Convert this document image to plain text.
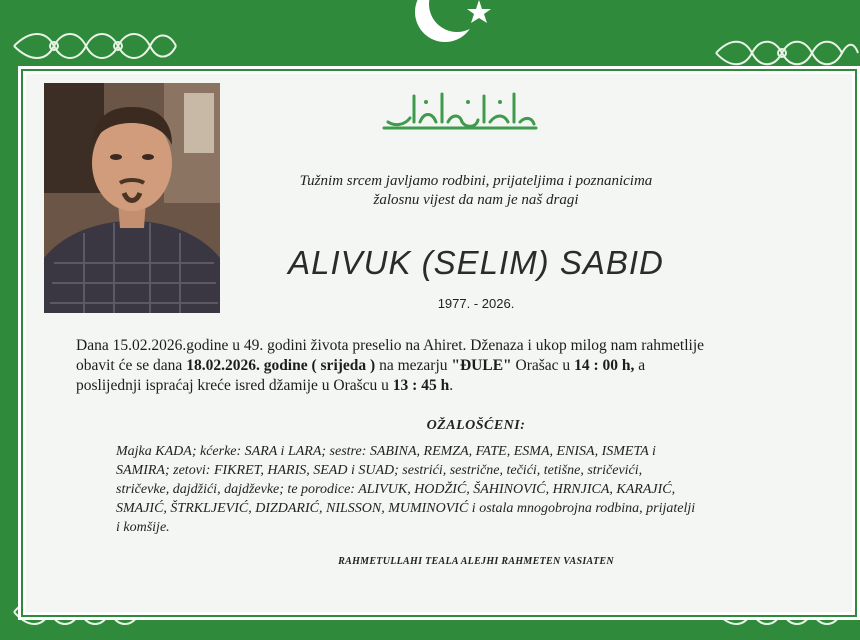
Tužnim srcem javljamo rodbini, prijateljima i poznanicima
žalosnu vijest da nam je naš dragi
ALIVUK (SELIM) SABID
1977. - 2026.
Dana 15.02.2026.godine u 49. godini života preselio na Ahiret. Dženaza i ukop milog nam rahmetlije
obavit će se dana 18.02.2026. godine ( srijeda ) na mezarju "ĐULE" Orašac u 14 : 00 h, a
poslijednji ispraćaj kreće isred džamije u Orašcu u 13 : 45 h.
OŽALOŠĆENI:
Majka KADA; kćerke: SARA i LARA; sestre: SABINA, REMZA, FATE, ESMA, ENISA, ISMETA i
SAMIRA; zetovi: FIKRET, HARIS, SEAD i SUAD; sestrići, sestrične, tečići, tetišne, stričevići,
stričevke, dajdžići, dajdževke; te porodice: ALIVUK, HODŽIĆ, ŠAHINOVIĆ, HRNJICA, KARAJIĆ,
SMAJIĆ, ŠTRKLJEVIĆ, DIZDARIĆ, NILSSON, MUMINOVIĆ i ostala mnogobrojna rodbina, prijatelji
i komšije.
RAHMETULLAHI TEALA ALEJHI RAHMETEN VASIATEN
